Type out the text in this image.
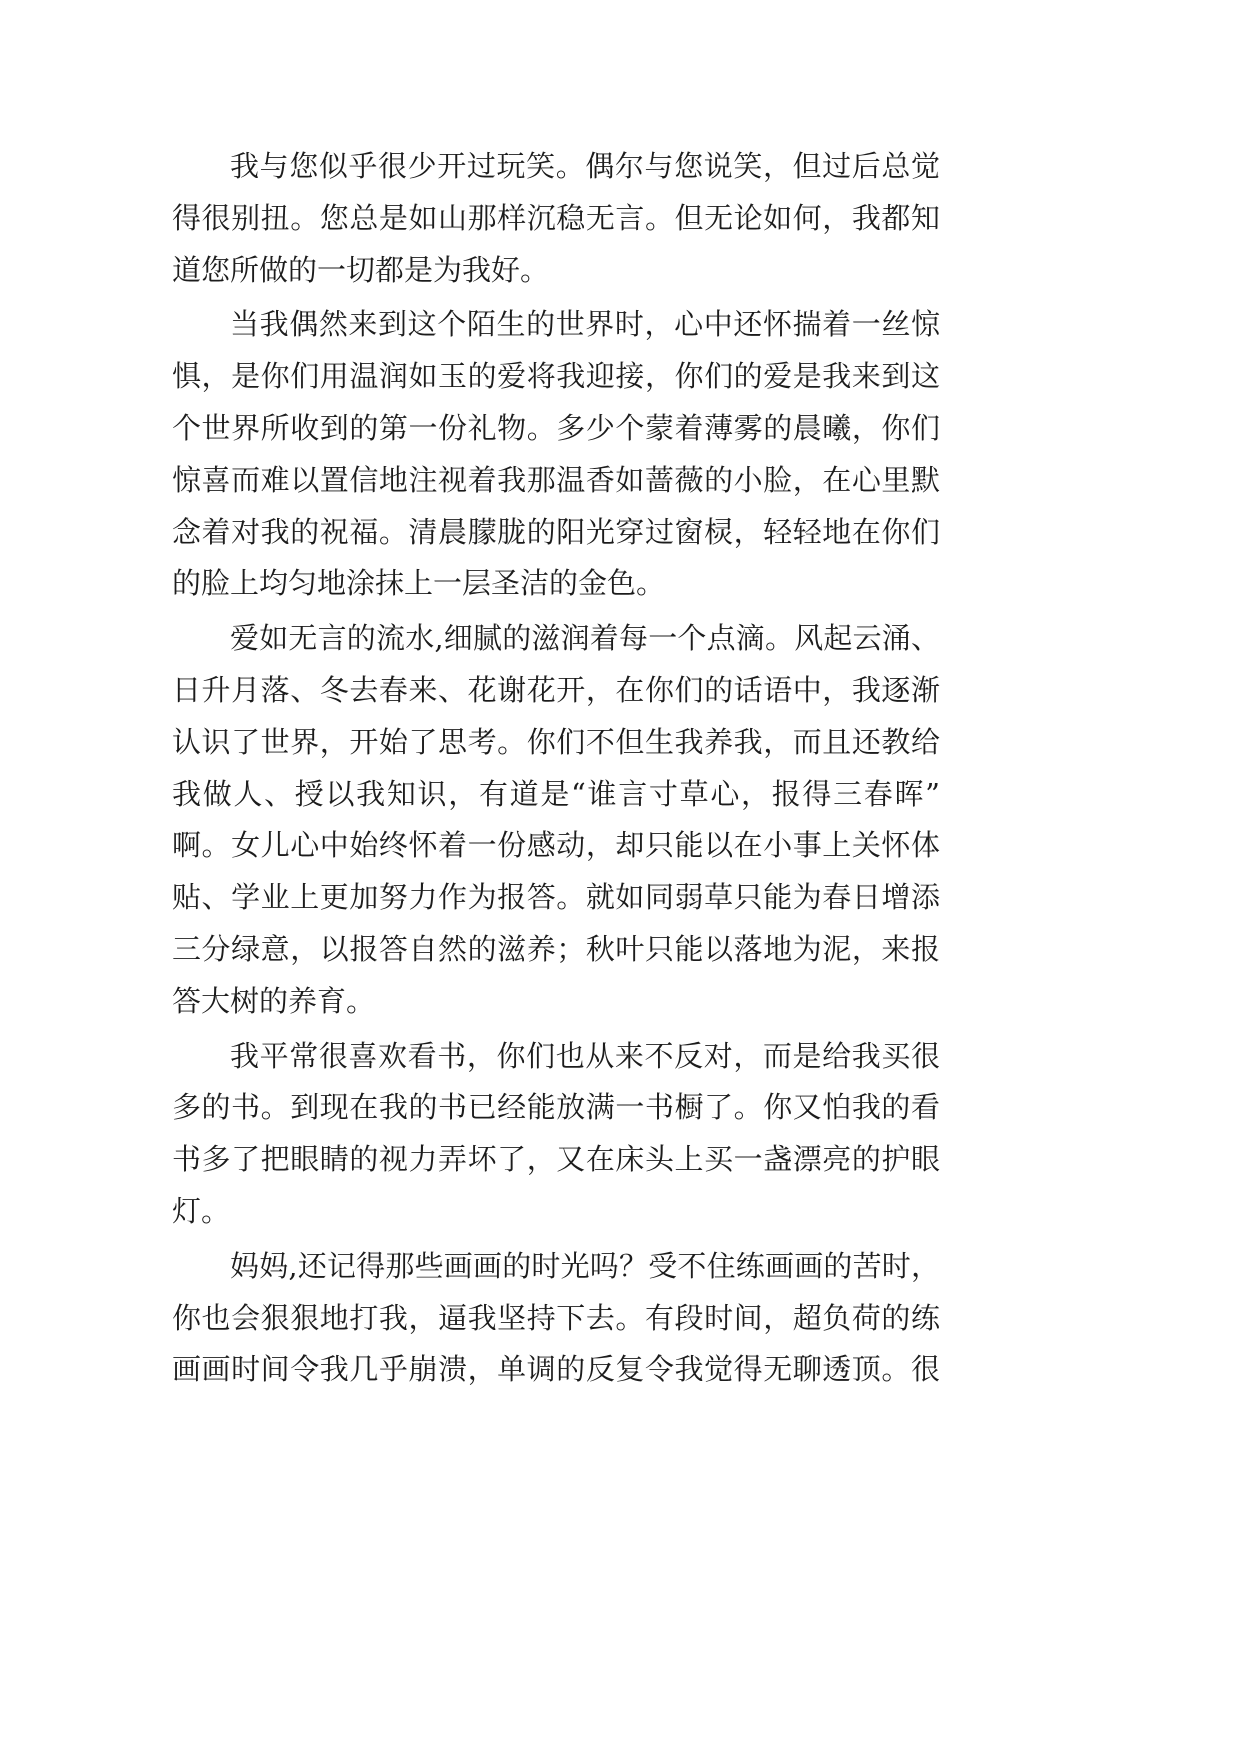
我与您似乎很少开过玩笑。偶尔与您说笑，但过后总觉
得很别扭。您总是如山那样沉稳无言。但无论如何，我都知
道您所做的一切都是为我好。
当我偶然来到这个陌生的世界时，心中还怀揣着一丝惊
惧，是你们用温润如玉的爱将我迎接，你们的爱是我来到这
个世界所收到的第一份礼物。多少个蒙着薄雾的晨曦，你们
惊喜而难以置信地注视着我那温香如蔷薇的小脸，在心里默
念着对我的祝福。清晨朦胧的阳光穿过窗棂，轻轻地在你们
的脸上均匀地涂抹上一层圣洁的金色。
爱如无言的流水,细腻的滋润着每一个点滴。风起云涌、
日升月落、冬去春来、花谢花开，在你们的话语中，我逐渐
认识了世界，开始了思考。你们不但生我养我，而且还教给
我做人、授以我知识，有道是“谁言寸草心，报得三春晖”
啊。女儿心中始终怀着一份感动，却只能以在小事上关怀体
贴、学业上更加努力作为报答。就如同弱草只能为春日增添
三分绿意，以报答自然的滋养；秋叶只能以落地为泥，来报
答大树的养育。
我平常很喜欢看书，你们也从来不反对，而是给我买很
多的书。到现在我的书已经能放满一书橱了。你又怕我的看
书多了把眼睛的视力弄坏了，又在床头上买一盏漂亮的护眼
灯。
妈妈,还记得那些画画的时光吗？受不住练画画的苦时，
你也会狠狠地打我，逼我坚持下去。有段时间，超负荷的练
画画时间令我几乎崩溃，单调的反复令我觉得无聊透顶。很
